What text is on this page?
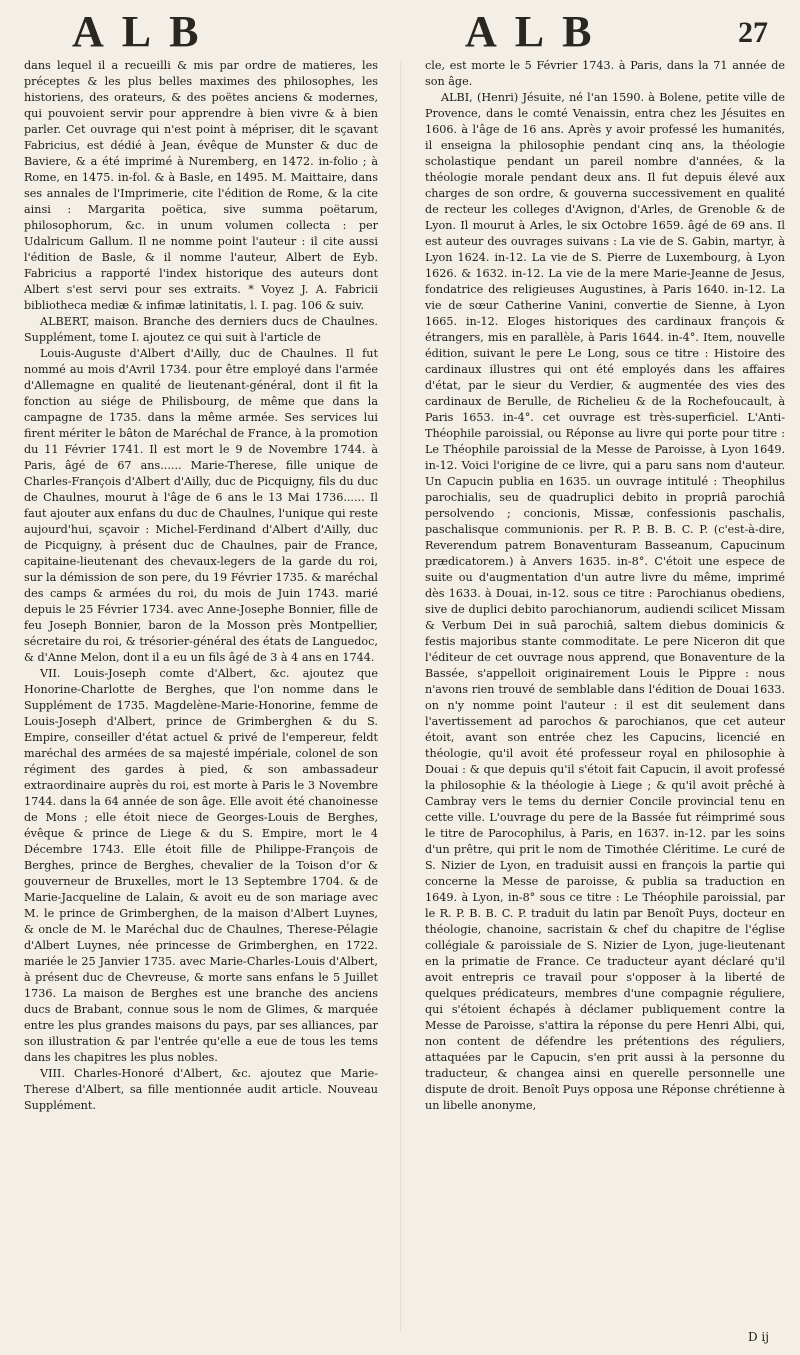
ALB	ALB	27

dans lequel il a recueilli & mis par ordre de matieres, les préceptes & les plus belles maximes des philosophes, les historiens, des orateurs, & des poëtes anciens & modernes, qui pouvoient servir pour apprendre à bien vivre & à bien parler. Cet ouvrage qui n'est point à mépriser, dit le sçavant Fabricius, est dédié à Jean, évêque de Munster & duc de Baviere, & a été imprimé à Nuremberg, en 1472. in-folio ; à Rome, en 1475. in-fol. & à Basle, en 1495. M. Maittaire, dans ses annales de l'Imprimerie, cite l'édition de Rome, & la cite ainsi : Margarita poëtica, sive summa poëtarum, philosophorum, &c. in unum volumen collecta : per Udalricum Gallum. Il ne nomme point l'auteur : il cite aussi l'édition de Basle, & il nomme l'auteur, Albert de Eyb. Fabricius a rapporté l'index historique des auteurs dont Albert s'est servi pour ses extraits. * Voyez J. A. Fabricii bibliotheca mediæ & infimæ latinitatis, l. I. pag. 106 & suiv.

ALBERT, maison. Branche des derniers ducs de Chaulnes. Supplément, tome I. ajoutez ce qui suit à l'article de

Louis-Auguste d'Albert d'Ailly, duc de Chaulnes. Il fut nommé au mois d'Avril 1734. pour être employé dans l'armée d'Allemagne en qualité de lieutenant-général, dont il fit la fonction au siége de Philisbourg, de même que dans la campagne de 1735. dans la même armée. Ses services lui firent mériter le bâton de Maréchal de France, à la promotion du 11 Février 1741. Il est mort le 9 de Novembre 1744. à Paris, âgé de 67 ans...... Marie-Therese, fille unique de Charles-François d'Albert d'Ailly, duc de Picquigny, fils du duc de Chaulnes, mourut à l'âge de 6 ans le 13 Mai 1736...... Il faut ajouter aux enfans du duc de Chaulnes, l'unique qui reste aujourd'hui, sçavoir : Michel-Ferdinand d'Albert d'Ailly, duc de Picquigny, à présent duc de Chaulnes, pair de France, capitaine-lieutenant des chevaux-legers de la garde du roi, sur la démission de son pere, du 19 Février 1735. & maréchal des camps & armées du roi, du mois de Juin 1743. marié depuis le 25 Février 1734. avec Anne-Josephe Bonnier, fille de feu Joseph Bonnier, baron de la Mosson près Montpellier, sécretaire du roi, & trésorier-général des états de Languedoc, & d'Anne Melon, dont il a eu un fils âgé de 3 à 4 ans en 1744.

VII. Louis-Joseph comte d'Albert, &c. ajoutez que Honorine-Charlotte de Berghes, que l'on nomme dans le Supplément de 1735. Magdelène-Marie-Honorine, femme de Louis-Joseph d'Albert, prince de Grimberghen & du S. Empire, conseiller d'état actuel & privé de l'empereur, feldt maréchal des armées de sa majesté impériale, colonel de son régiment des gardes à pied, & son ambassadeur extraordinaire auprès du roi, est morte à Paris le 3 Novembre 1744. dans la 64 année de son âge. Elle avoit été chanoinesse de Mons ; elle étoit niece de Georges-Louis de Berghes, évêque & prince de Liege & du S. Empire, mort le 4 Décembre 1743. Elle étoit fille de Philippe-François de Berghes, prince de Berghes, chevalier de la Toison d'or & gouverneur de Bruxelles, mort le 13 Septembre 1704. & de Marie-Jacqueline de Lalain, & avoit eu de son mariage avec M. le prince de Grimberghen, de la maison d'Albert Luynes, & oncle de M. le Maréchal duc de Chaulnes, Therese-Pélagie d'Albert Luynes, née princesse de Grimberghen, en 1722. mariée le 25 Janvier 1735. avec Marie-Charles-Louis d'Albert, à présent duc de Chevreuse, & morte sans enfans le 5 Juillet 1736. La maison de Berghes est une branche des anciens ducs de Brabant, connue sous le nom de Glimes, & marquée entre les plus grandes maisons du pays, par ses alliances, par son illustration & par l'entrée qu'elle a eue de tous les tems dans les chapitres les plus nobles.

VIII. Charles-Honoré d'Albert, &c. ajoutez que Marie-Therese d'Albert, sa fille mentionnée audit article. Nouveau Supplément.

cle, est morte le 5 Février 1743. à Paris, dans la 71 année de son âge.

ALBI, (Henri) Jésuite, né l'an 1590. à Bolene, petite ville de Provence, dans le comté Venaissin, entra chez les Jésuites en 1606. à l'âge de 16 ans. Après y avoir professé les humanités, il enseigna la philosophie pendant cinq ans, la théologie scholastique pendant un pareil nombre d'années, & la théologie morale pendant deux ans. Il fut depuis élevé aux charges de son ordre, & gouverna successivement en qualité de recteur les colleges d'Avignon, d'Arles, de Grenoble & de Lyon. Il mourut à Arles, le six Octobre 1659. âgé de 69 ans. Il est auteur des ouvrages suivans : La vie de S. Gabin, martyr, à Lyon 1624. in-12. La vie de S. Pierre de Luxembourg, à Lyon 1626. & 1632. in-12. La vie de la mere Marie-Jeanne de Jesus, fondatrice des religieuses Augustines, à Paris 1640. in-12. La vie de sœur Catherine Vanini, convertie de Sienne, à Lyon 1665. in-12. Eloges historiques des cardinaux françois & étrangers, mis en parallèle, à Paris 1644. in-4°. Item, nouvelle édition, suivant le pere Le Long, sous ce titre : Histoire des cardinaux illustres qui ont été employés dans les affaires d'état, par le sieur du Verdier, & augmentée des vies des cardinaux de Berulle, de Richelieu & de la Rochefoucault, à Paris 1653. in-4°. cet ouvrage est très-superficiel. L'Anti-Théophile paroissial, ou Réponse au livre qui porte pour titre : Le Théophile paroissial de la Messe de Paroisse, à Lyon 1649. in-12. Voici l'origine de ce livre, qui a paru sans nom d'auteur. Un Capucin publia en 1635. un ouvrage intitulé : Theophilus parochialis, seu de quadruplici debito in propriâ parochiâ persolvendo ; concionis, Missæ, confessionis paschalis, paschalisque communionis. per R. P. B. B. C. P. (c'est-à-dire, Reverendum patrem Bonaventuram Basseanum, Capucinum prædicatorem.) à Anvers 1635. in-8°. C'étoit une espece de suite ou d'augmentation d'un autre livre du même, imprimé dès 1633. à Douai, in-12. sous ce titre : Parochianus obediens, sive de duplici debito parochianorum, audiendi scilicet Missam & Verbum Dei in suâ parochiâ, saltem diebus dominicis & festis majoribus stante commoditate. Le pere Niceron dit que l'éditeur de cet ouvrage nous apprend, que Bonaventure de la Bassée, s'appelloit originairement Louis le Pippre : nous n'avons rien trouvé de semblable dans l'édition de Douai 1633. on n'y nomme point l'auteur : il est dit seulement dans l'avertissement ad parochos & parochianos, que cet auteur étoit, avant son entrée chez les Capucins, licencié en théologie, qu'il avoit été professeur royal en philosophie à Douai : & que depuis qu'il s'étoit fait Capucin, il avoit professé la philosophie & la théologie à Liege ; & qu'il avoit prêché à Cambray vers le tems du dernier Concile provincial tenu en cette ville. L'ouvrage du pere de la Bassée fut réimprimé sous le titre de Parocophilus, à Paris, en 1637. in-12. par les soins d'un prêtre, qui prit le nom de Timothée Cléritime. Le curé de S. Nizier de Lyon, en traduisit aussi en françois la partie qui concerne la Messe de paroisse, & publia sa traduction en 1649. à Lyon, in-8° sous ce titre : Le Théophile paroissial, par le R. P. B. B. C. P. traduit du latin par Benoît Puys, docteur en théologie, chanoine, sacristain & chef du chapitre de l'église collégiale & paroissiale de S. Nizier de Lyon, juge-lieutenant en la primatie de France. Ce traducteur ayant déclaré qu'il avoit entrepris ce travail pour s'opposer à la liberté de quelques prédicateurs, membres d'une compagnie réguliere, qui s'étoient échapés à déclamer publiquement contre la Messe de Paroisse, s'attira la réponse du pere Henri Albi, qui, non content de défendre les prétentions des réguliers, attaquées par le Capucin, s'en prit aussi à la personne du traducteur, & changea ainsi en querelle personnelle une dispute de droit. Benoît Puys opposa une Réponse chrétienne à un libelle anonyme,

D ij
